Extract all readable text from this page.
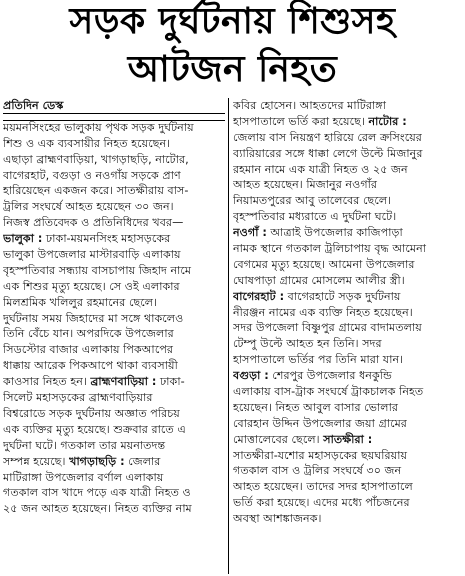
সড়ক দুর্ঘটনায় শিশুসহ
আটজন নিহত
প্রতিদিন ডেস্ক
ময়মনসিংহের ভালুকায় পৃথক সড়ক দুর্ঘটনায়
শিশু ও এক ব্যবসায়ীর নিহত হয়েছেন।
এছাড়া ব্রাহ্মণবাড়িয়া, খাগড়াছড়ি, নাটোর,
বাগেরহাট, বগুড়া ও নওগাঁয় সড়কে প্রাণ
হারিয়েছেন একজন করে। সাতক্ষীরায় বাস-
ট্রলির সংঘর্ষে আহত হয়েছেন ৩০ জন।
নিজস্ব প্রতিবেদক ও প্রতিনিধিদের খবর—
ভালুকা : ঢাকা-ময়মনসিংহ মহাসড়কের
ভালুকা উপজেলার মাস্টারবাড়ি এলাকায়
বৃহস্পতিবার সন্ধ্যায় বাসচাপায় জিহাদ নামে
এক শিশুর মৃত্যু হয়েছে। সে ওই এলাকার
মিলশ্রমিক খলিলুর রহমানের ছেলে।
দুর্ঘটনায় সময় জিহাদের মা সঙ্গে থাকলেও
তিনি বেঁচে যান। অপরদিকে উপজেলার
সিডস্টোর বাজার এলাকায় পিকআপের
ধাক্কায় আরেক পিকআপে থাকা ব্যবসায়ী
কাওসার নিহত হন। ব্রাহ্মণবাড়িয়া : ঢাকা-
সিলেট মহাসড়কের ব্রাহ্মণবাড়িয়ার
বিশ্বরোডে সড়ক দুর্ঘটনায় অজ্ঞাত পরিচয়
এক ব্যক্তির মৃত্যু হয়েছে। শুক্রবার রাতে এ
দুর্ঘটনা ঘটে। গতকাল তার ময়নাতদন্ত
সম্পন্ন হয়েছে। খাগড়াছড়ি : জেলার
মাটিরাঙ্গা উপজেলার বর্ণাল এলাকায়
গতকাল বাস খাদে পড়ে এক যাত্রী নিহত ও
২৫ জন আহত হয়েছেন। নিহত ব্যক্তির নাম
কবির হোসেন। আহতদের মাটিরাঙ্গা
হাসপাতালে ভর্তি করা হয়েছে। নাটোর :
জেলায় বাস নিয়ন্ত্রণ হারিয়ে রেল ক্রসিংয়ের
ব্যারিয়ারের সঙ্গে ধাক্কা লেগে উল্টে মিজানুর
রহমান নামে এক যাত্রী নিহত ও ২৫ জন
আহত হয়েছেন। মিজানুর নওগাঁর
নিয়ামতপুরের আবু তালেবের ছেলে।
বৃহস্পতিবার মধ্যরাতে এ দুর্ঘটনা ঘটে।
নওগাঁ : আত্রাই উপজেলার কাজিপাড়া
নামক স্থানে গতকাল ট্রলিচাপায় বৃদ্ধ আমেনা
বেগমের মৃত্যু হয়েছে। আমেনা উপজেলার
ঘোষপাড়া গ্রামের মোসলেম আলীর স্ত্রী।
বাগেরহাট : বাগেরহাটে সড়ক দুর্ঘটনায়
নীরঞ্জন নামের এক ব্যক্তি নিহত হয়েছেন।
সদর উপজেলা বিষ্ণুপুর গ্রামের বাদামতলায়
টেম্পু উল্টে আহত হন তিনি। সদর
হাসপাতালে ভর্তির পর তিনি মারা যান।
বগুড়া : শেরপুর উপজেলার ধনকুন্ডি
এলাকায় বাস-ট্রাক সংঘর্ষে ট্রাকচালক নিহত
হয়েছেন। নিহত আবুল বাসার ভোলার
বোরহান উদ্দিন উপজেলার জয়া গ্রামের
মোত্তালেবের ছেলে। সাতক্ষীরা :
সাতক্ষীরা-যশোর মহাসড়কের ছয়ঘরিয়ায়
গতকাল বাস ও ট্রলির সংঘর্ষে ৩০ জন
আহত হয়েছেন। তাদের সদর হাসপাতালে
ভর্তি করা হয়েছে। এদের মধ্যে পাঁচজনের
অবস্থা আশঙ্কাজনক।
